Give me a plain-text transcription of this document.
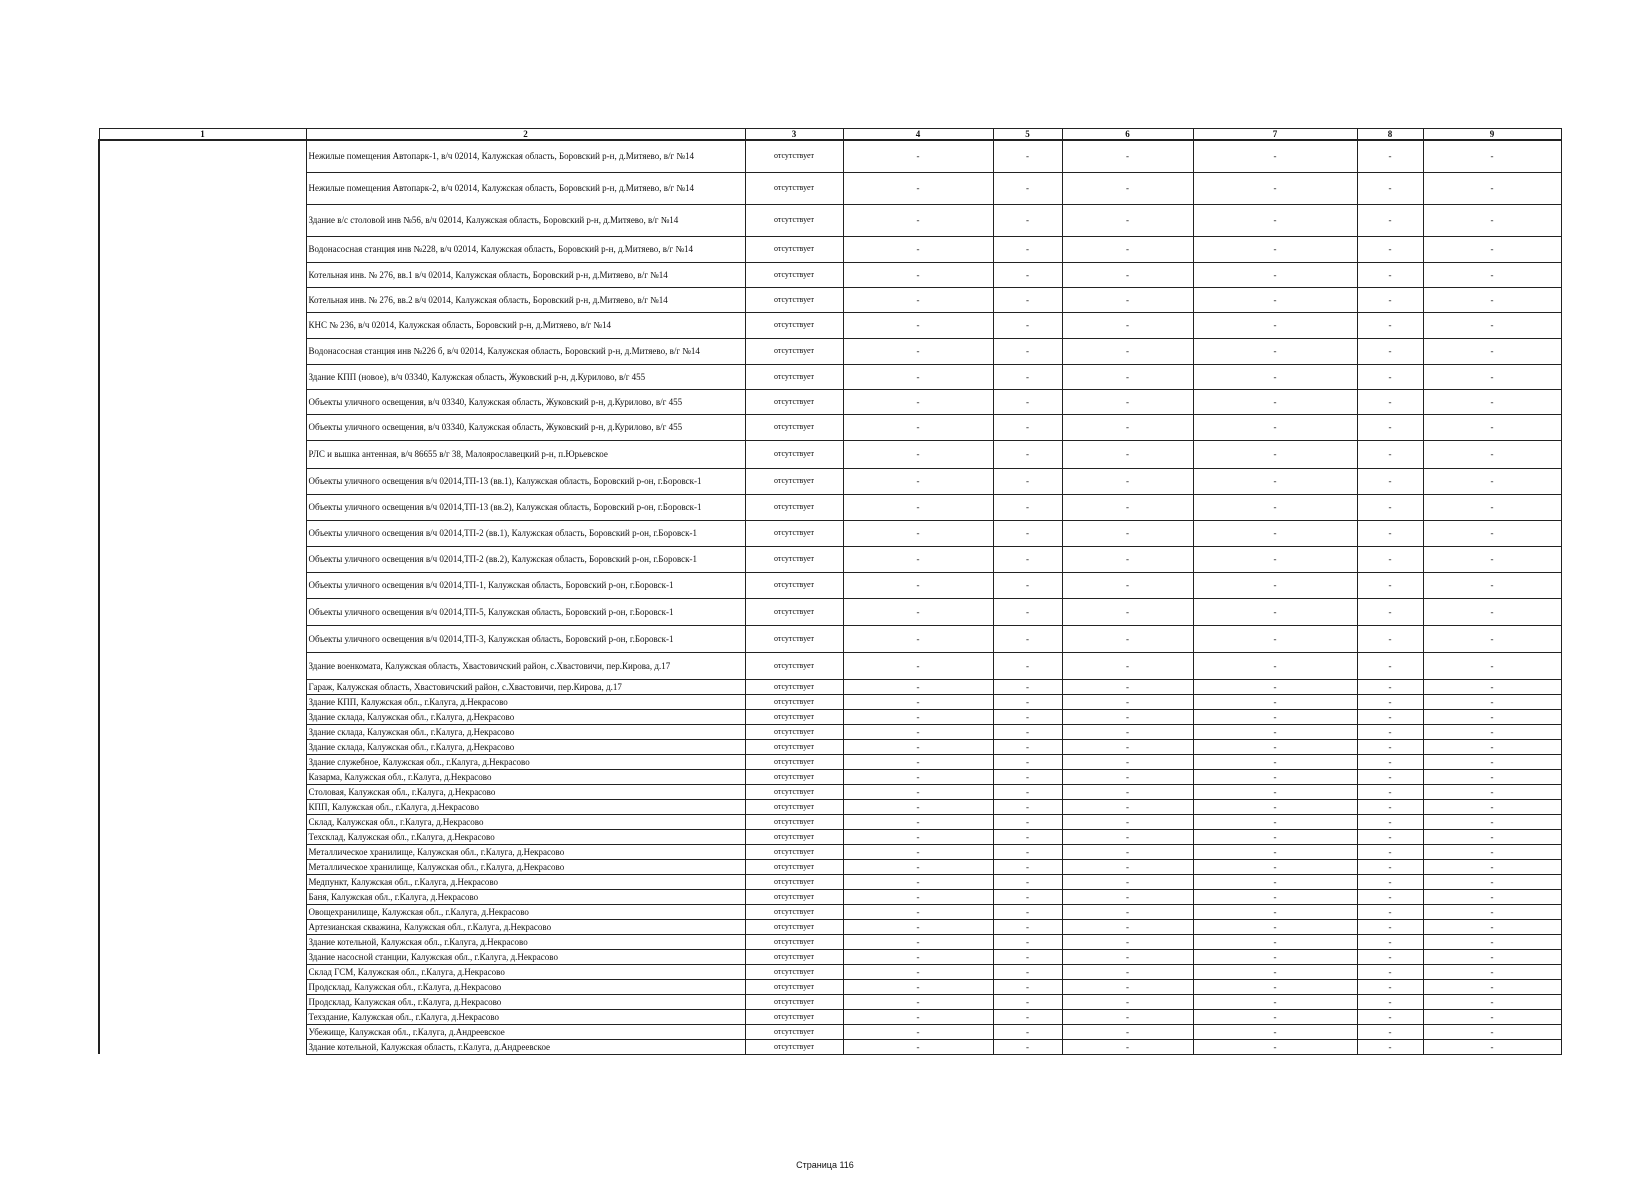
1	2	3	4	5	6	7	8	9
	Нежилые помещения Автопарк-1, в/ч 02014, Калужская область, Боровский р-н, д.Митяево, в/г №14	отсутствует	-	-	-	-	-	-
	Нежилые помещения Автопарк-2, в/ч 02014, Калужская область, Боровский р-н, д.Митяево, в/г №14	отсутствует	-	-	-	-	-	-
	Здание в/с столовой инв №56, в/ч 02014, Калужская область, Боровский р-н, д.Митяево, в/г №14	отсутствует	-	-	-	-	-	-
	Водонасосная станция инв №228, в/ч 02014, Калужская область, Боровский р-н, д.Митяево, в/г №14	отсутствует	-	-	-	-	-	-
	Котельная инв. № 276, вв.1 в/ч 02014, Калужская область, Боровский р-н, д.Митяево, в/г №14	отсутствует	-	-	-	-	-	-
	Котельная инв. № 276, вв.2 в/ч 02014, Калужская область, Боровский р-н, д.Митяево, в/г №14	отсутствует	-	-	-	-	-	-
	КНС № 236, в/ч 02014, Калужская область, Боровский р-н, д.Митяево, в/г №14	отсутствует	-	-	-	-	-	-
	Водонасосная станция инв №226 б, в/ч 02014, Калужская область, Боровский р-н, д.Митяево, в/г №14	отсутствует	-	-	-	-	-	-
	Здание КПП (новое), в/ч 03340, Калужская область, Жуковский р-н, д.Курилово, в/г 455	отсутствует	-	-	-	-	-	-
	Объекты уличного освещения, в/ч 03340, Калужская область, Жуковский р-н, д.Курилово, в/г 455	отсутствует	-	-	-	-	-	-
	Объекты уличного освещения, в/ч 03340, Калужская область, Жуковский р-н, д.Курилово, в/г 455	отсутствует	-	-	-	-	-	-
	РЛС и вышка антенная, в/ч 86655 в/г 38, Малоярославецкий р-н, п.Юрьевское	отсутствует	-	-	-	-	-	-
	Объекты уличного освещения в/ч 02014,ТП-13 (вв.1), Калужская область, Боровский р-он, г.Боровск-1	отсутствует	-	-	-	-	-	-
	Объекты уличного освещения в/ч 02014,ТП-13 (вв.2), Калужская область, Боровский р-он, г.Боровск-1	отсутствует	-	-	-	-	-	-
	Объекты уличного освещения в/ч 02014,ТП-2 (вв.1), Калужская область, Боровский р-он, г.Боровск-1	отсутствует	-	-	-	-	-	-
	Объекты уличного освещения в/ч 02014,ТП-2 (вв.2), Калужская область, Боровский р-он, г.Боровск-1	отсутствует	-	-	-	-	-	-
	Объекты уличного освещения в/ч 02014,ТП-1, Калужская область, Боровский р-он, г.Боровск-1	отсутствует	-	-	-	-	-	-
	Объекты уличного освещения в/ч 02014,ТП-5, Калужская область, Боровский р-он, г.Боровск-1	отсутствует	-	-	-	-	-	-
	Объекты уличного освещения в/ч 02014,ТП-3, Калужская область, Боровский р-он, г.Боровск-1	отсутствует	-	-	-	-	-	-
	Здание военкомата, Калужская область, Хвастовичский район, с.Хвастовичи, пер.Кирова, д.17	отсутствует	-	-	-	-	-	-
	Гараж, Калужская область, Хвастовичский район, с.Хвастовичи, пер.Кирова, д.17	отсутствует	-	-	-	-	-	-
	Здание КПП, Калужская обл., г.Калуга, д.Некрасово	отсутствует	-	-	-	-	-	-
	Здание склада, Калужская обл., г.Калуга, д.Некрасово	отсутствует	-	-	-	-	-	-
	Здание склада, Калужская обл., г.Калуга, д.Некрасово	отсутствует	-	-	-	-	-	-
	Здание склада, Калужская обл., г.Калуга, д.Некрасово	отсутствует	-	-	-	-	-	-
	Здание служебное, Калужская обл., г.Калуга, д.Некрасово	отсутствует	-	-	-	-	-	-
	Казарма, Калужская обл., г.Калуга, д.Некрасово	отсутствует	-	-	-	-	-	-
	Столовая, Калужская обл., г.Калуга, д.Некрасово	отсутствует	-	-	-	-	-	-
	КПП, Калужская обл., г.Калуга, д.Некрасово	отсутствует	-	-	-	-	-	-
	Склад, Калужская обл., г.Калуга, д.Некрасово	отсутствует	-	-	-	-	-	-
	Техсклад, Калужская обл., г.Калуга, д.Некрасово	отсутствует	-	-	-	-	-	-
	Металлическое хранилище, Калужская обл., г.Калуга, д.Некрасово	отсутствует	-	-	-	-	-	-
	Металлическое хранилище, Калужская обл., г.Калуга, д.Некрасово	отсутствует	-	-	-	-	-	-
	Медпункт, Калужская обл., г.Калуга, д.Некрасово	отсутствует	-	-	-	-	-	-
	Баня, Калужская обл., г.Калуга, д.Некрасово	отсутствует	-	-	-	-	-	-
	Овощехранилище, Калужская обл., г.Калуга, д.Некрасово	отсутствует	-	-	-	-	-	-
	Артезианская скважина, Калужская обл., г.Калуга, д.Некрасово	отсутствует	-	-	-	-	-	-
	Здание котельной, Калужская обл., г.Калуга, д.Некрасово	отсутствует	-	-	-	-	-	-
	Здание насосной станции, Калужская обл., г.Калуга, д.Некрасово	отсутствует	-	-	-	-	-	-
	Склад ГСМ, Калужская обл., г.Калуга, д.Некрасово	отсутствует	-	-	-	-	-	-
	Продсклад, Калужская обл., г.Калуга, д.Некрасово	отсутствует	-	-	-	-	-	-
	Продсклад, Калужская обл., г.Калуга, д.Некрасово	отсутствует	-	-	-	-	-	-
	Техздание, Калужская обл., г.Калуга, д.Некрасово	отсутствует	-	-	-	-	-	-
	Убежище, Калужская обл., г.Калуга, д.Андреевское	отсутствует	-	-	-	-	-	-
	Здание котельной, Калужская область, г.Калуга, д.Андреевское	отсутствует	-	-	-	-	-	-
Страница 116
